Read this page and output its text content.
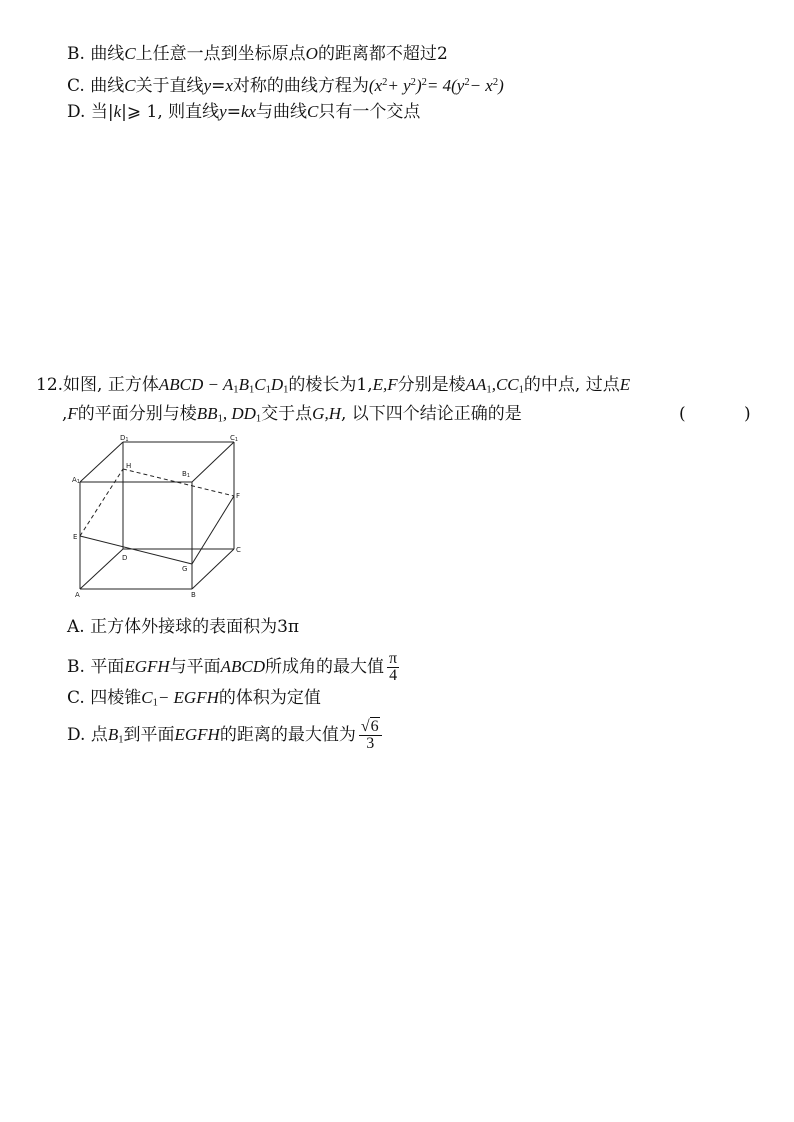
B. 曲线C上任意一点到坐标原点O的距离都不超过2
C. 曲线C关于直线y=x对称的曲线方程为$(x^2+ y^2)^2= 4(y^2- x^2)$
D. 当|k|⩾ 1, 则直线y=kx与曲线C只有一个交点
12.如图, 正方体ABCD − $A_1B_1C_1D_1$的棱长为1,E,F分别是棱$AA_1,CC_1$的中点, 过点E
,F的平面分别与棱$BB_1$, $DD_1$交于点G,H, 以下四个结论正确的是	(	)
D1	C1
A1
B1
H
F
E
C
D
G
A	B
A. 正方体外接球的表面积为3π
B. 平面EGFH与平面ABCD所成角的最大值 $\frac{\pi}{4}$
C. 四棱锥$C_1-$ EGFH的体积为定值
D. 点$B_1$到平面EGFH的距离的最大值为 $\frac{√6}{3}$
